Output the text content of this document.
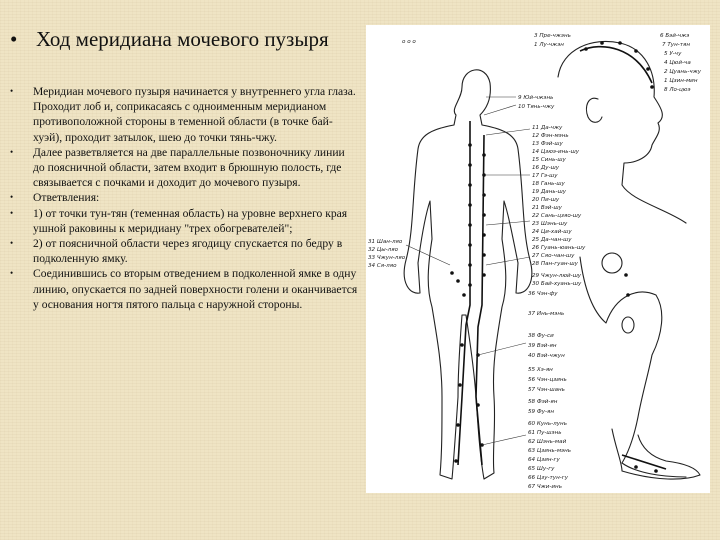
• Ход меридиана мочевого пузыря
• Меридиан мочевого пузыря начинается у внутреннего угла глаза. Проходит лоб и, соприкасаясь с одноименным меридианом противоположной стороны в теменной области (в точке бай-хуэй), проходит затылок, шею до точки тянь-чжу.
• Далее разветвляется на две параллельные позвоночнику линии до поясничной области, затем входит в брюшную полость, где связывается с почками и доходит до мочевого пузыря.
• Ответвления:
• 1) от точки тун-тян (теменная область) на уровне верхнего края ушной раковины к меридиану "трех обогревателей";
• 2) от поясничной области через ягодицу спускается по бедру в подколенную ямку.
• Соединившись со вторым отведением в подколенной ямке в одну линию, опускается по задней поверхности голени и оканчивается у основания ногтя пятого пальца с наружной стороны.
о о о
3 Пре-чжэнь
1 Лу-чжэн
6 Бэй-чжэ
7 Тун-тян
5 У-чу
4 Цюй-ча
2 Цуань-чжу
1 Цзин-мин
8 Ло-цюэ
9 Юй-чжэнь
10 Тянь-чжу
11 Да-чжу
12 Фэн-мэнь
13 Фэй-шу
14 Цзюэ-инь-шу
15 Синь-шу
16 Ду-шу
17 Гэ-шу
18 Гань-шу
19 Дань-шу
20 Пи-шу
21 Вэй-шу
22 Сань-цзяо-шу
23 Шэнь-шу
24 Ци-хай-шу
25 Да-чан-шу
26 Гуань-юань-шу
27 Сяо-чан-шу
28 Пан-гуан-шу
31 Шан-ляо
32 Цы-ляо
33 Чжун-ляо
34 Ся-ляо
29 Чжун-люй-шу
30 Бай-хуань-шу
36 Чэн-фу
37 Инь-мэнь
38 Фу-си
39 Вэй-ян
40 Вэй-чжун
55 Хэ-ян
56 Чэн-цзинь
57 Чэн-шань
58 Фэй-ян
59 Фу-ян
60 Кунь-лунь
61 Пу-шэнь
62 Шэнь-май
63 Цзинь-мэнь
64 Цзин-гу
65 Шу-гу
66 Цзу-тун-гу
67 Чжи-инь
